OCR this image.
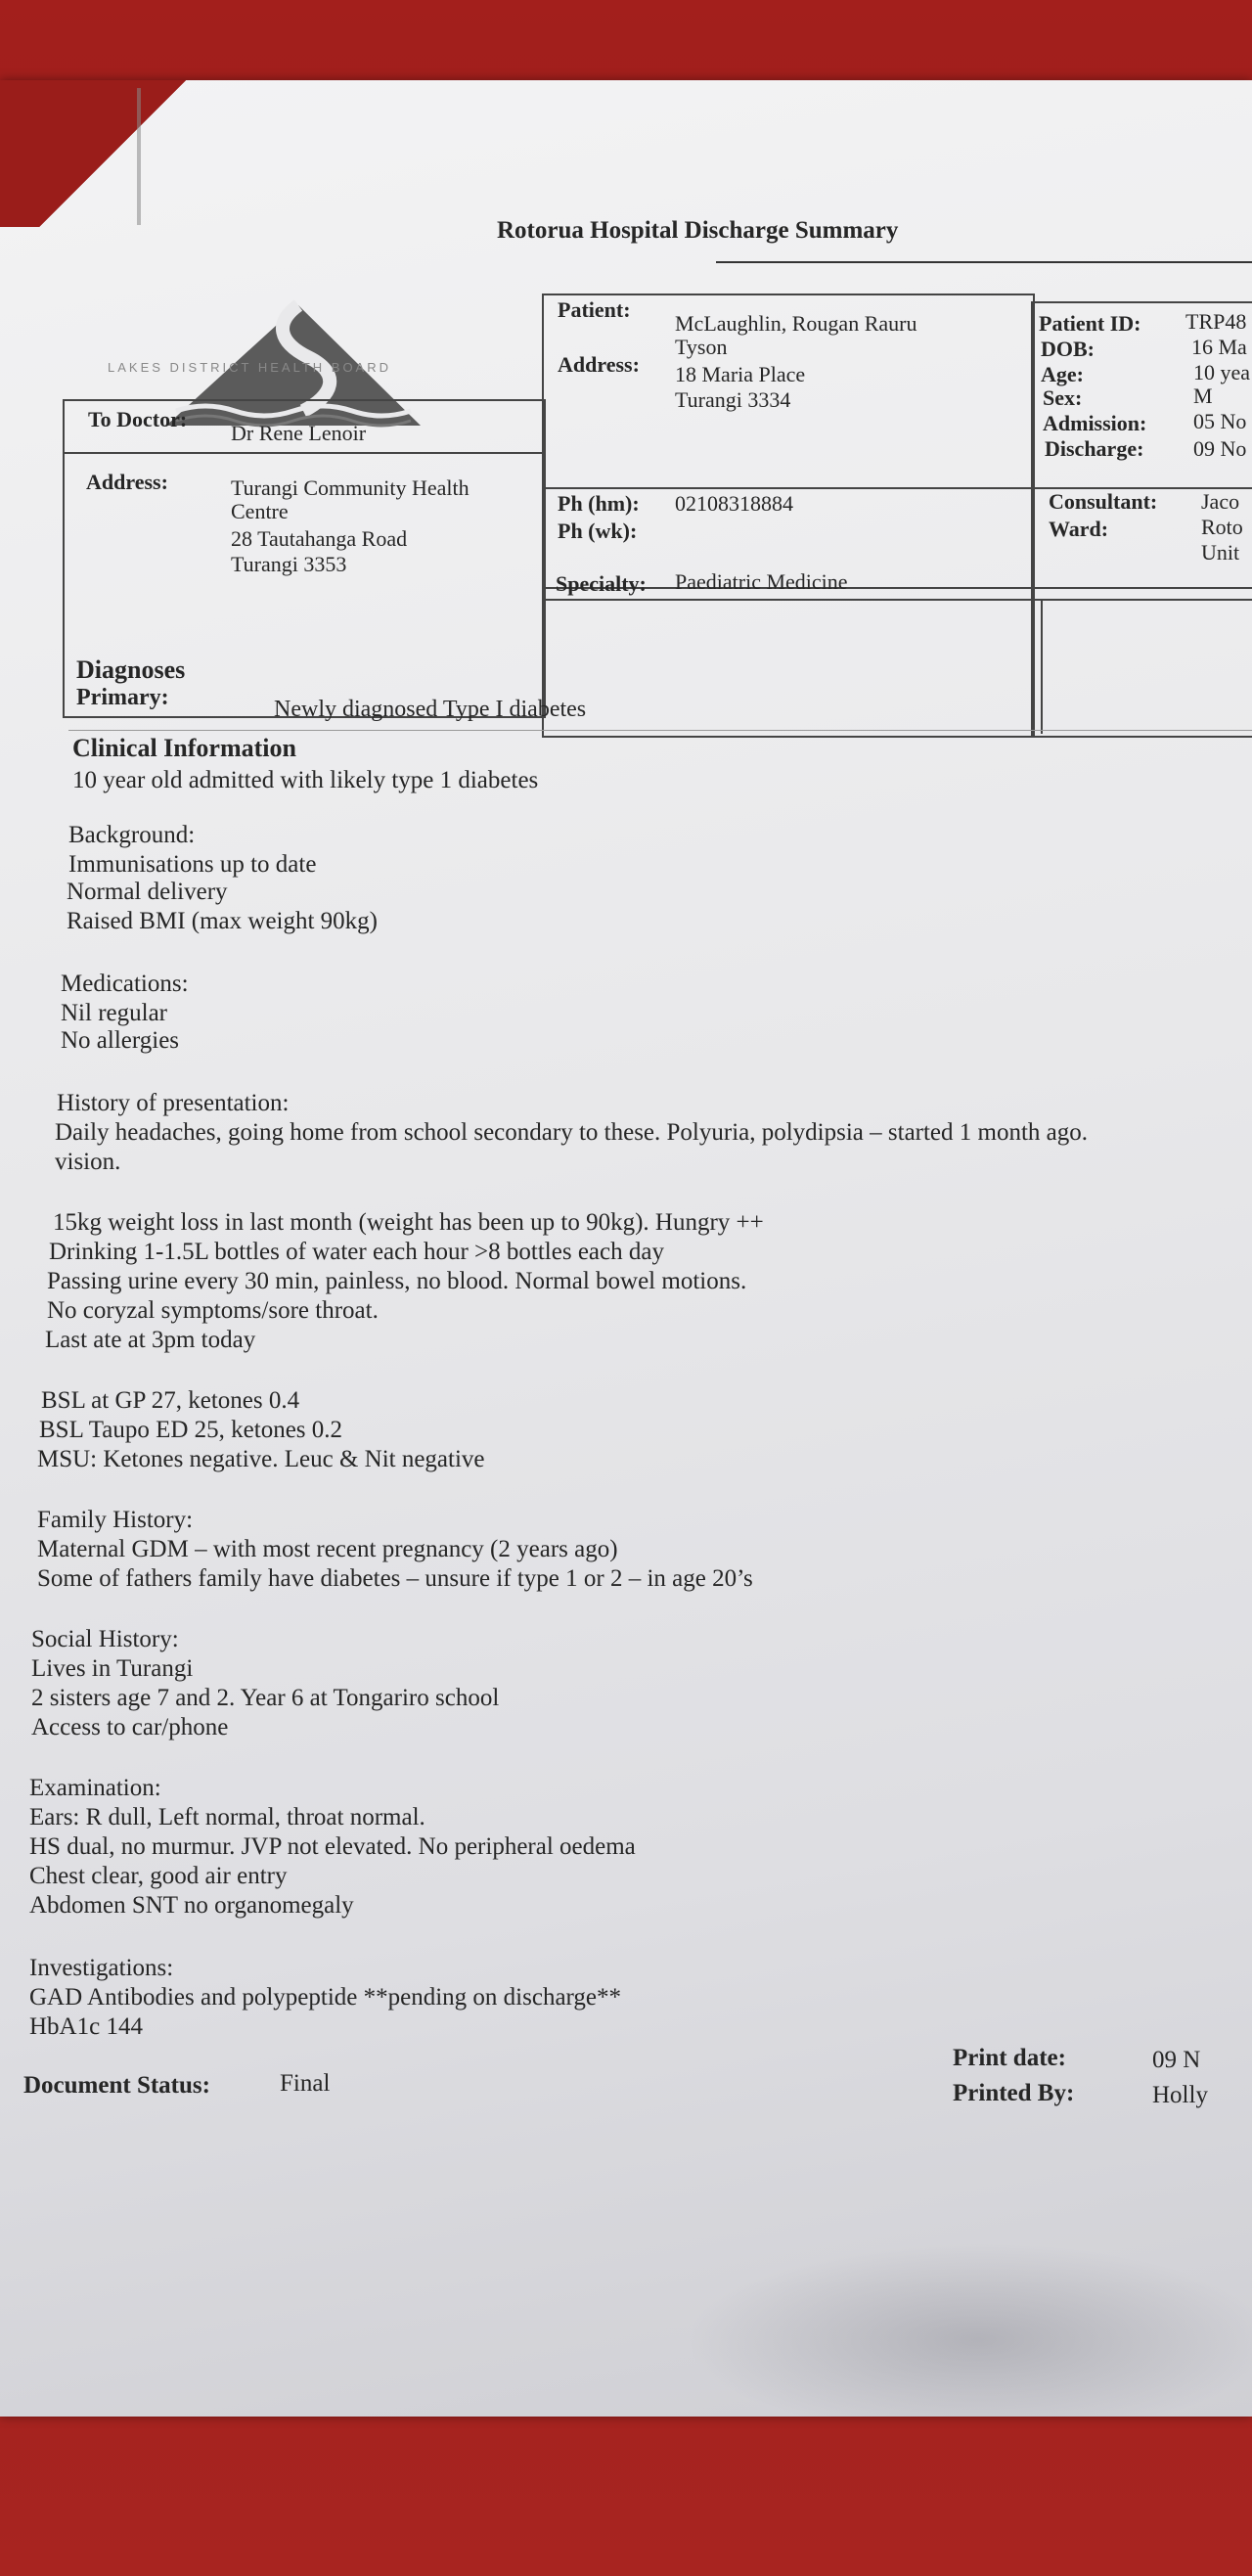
Rotorua Hospital Discharge Summary
LAKES DISTRICT HEALTH BOARD
To Doctor:
Dr Rene Lenoir
Address:	Turangi Community Health
Centre
28 Tautahanga Road
Turangi 3353
Patient:
McLaughlin, Rougan Rauru
Tyson
Address: 18 Maria Place
Turangi 3334
Ph (hm): 02108318884
Ph (wk):
Specialty: Paediatric Medicine
Patient ID: TRP48
DOB:	16 Ma
Age:	10 yea
Sex:	M
Admission: 05 No
Discharge: 09 No
Consultant: Jaco
Ward:	Roto
Unit
Diagnoses
Primary:	Newly diagnosed Type I diabetes
Clinical Information
10 year old admitted with likely type 1 diabetes
Background:
Immunisations up to date
Normal delivery
Raised BMI (max weight 90kg)
Medications:
Nil regular
No allergies
History of presentation:
Daily headaches, going home from school secondary to these. Polyuria, polydipsia – started 1 month ago.
vision.
15kg weight loss in last month (weight has been up to 90kg). Hungry ++
Drinking 1-1.5L bottles of water each hour >8 bottles each day
Passing urine every 30 min, painless, no blood. Normal bowel motions.
No coryzal symptoms/sore throat.
Last ate at 3pm today
BSL at GP 27, ketones 0.4
BSL Taupo ED 25, ketones 0.2
MSU: Ketones negative. Leuc & Nit negative
Family History:
Maternal GDM – with most recent pregnancy (2 years ago)
Some of fathers family have diabetes – unsure if type 1 or 2 – in age 20’s
Social History:
Lives in Turangi
2 sisters age 7 and 2. Year 6 at Tongariro school
Access to car/phone
Examination:
Ears: R dull, Left normal, throat normal.
HS dual, no murmur. JVP not elevated. No peripheral oedema
Chest clear, good air entry
Abdomen SNT no organomegaly
Investigations:
GAD Antibodies and polypeptide **pending on discharge**
HbA1c 144
Document Status:	Final
Print date:	09 N
Printed By:	Holly
